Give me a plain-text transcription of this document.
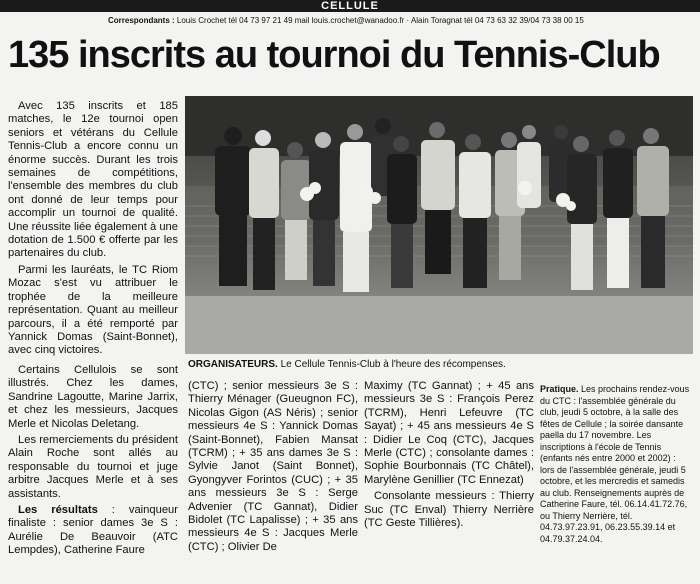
CELLULE
Correspondants : Louis Crochet tél 04 73 97 21 49 mail louis.crochet@wanadoo.fr · Alain Toragnat tél 04 73 63 32 39/04 73 38 00 15
135 inscrits au tournoi du Tennis-Club

Avec 135 inscrits et 185 matches, le 12e tournoi open seniors et vétérans du Cellule Tennis-Club a encore connu un énorme succès. Durant les trois semaines de compétitions, l'ensemble des membres du club ont donné de leur temps pour accomplir un tournoi de qualité. Une réussite liée également à une dotation de 1.500 € offerte par les partenaires du club.

Parmi les lauréats, le TC Riom Mozac s'est vu attribuer le trophée de la meilleure représentation. Quant au meilleur parcours, il a été remporté par Yannick Domas (Saint-Bonnet), avec cinq victoires.

ORGANISATEURS. Le Cellule Tennis-Club à l'heure des récompenses.

Certains Cellulois se sont illustrés. Chez les dames, Sandrine Lagoutte, Marine Jarrix, et chez les messieurs, Jacques Merle et Nicolas Deletang.

Les remerciements du président Alain Roche sont allés au responsable du tournoi et juge arbitre Jacques Merle et à ses assistants.

Les résultats : vainqueur finaliste : senior dames 3e S : Aurélie De Beauvoir (ATC Lempdes), Catherine Faure

(CTC) ; senior messieurs 3e S : Thierry Ménager (Gueugnon FC), Nicolas Gigon (AS Néris) ; senior messieurs 4e S : Yannick Domas (Saint-Bonnet), Fabien Mansat (TCRM) ; + 35 ans dames 3e S : Sylvie Janot (Saint Bonnet), Gyongyver Forintos (CUC) ; + 35 ans messieurs 3e S : Serge Advenier (TC Gannat), Didier Bidolet (TC Lapalisse) ; + 35 ans messieurs 4e S : Jacques Merle (CTC) ; Olivier De

Maximy (TC Gannat) ; + 45 ans messieurs 3e S : François Perez (TCRM), Henri Lefeuvre (TC Sayat) ; + 45 ans messieurs 4e S : Didier Le Coq (CTC), Jacques Merle (CTC) ; consolante dames : Sophie Bourbonnais (TC Châtel), Marylène Genillier (TC Ennezat)

Consolante messieurs : Thierry Suc (TC Enval) Thierry Nerrière (TC Geste Tillières).

Pratique. Les prochains rendez-vous du CTC : l'assemblée générale du club, jeudi 5 octobre, à la salle des fêtes de Cellule ; la soirée dansante paella du 17 novembre. Les inscriptions à l'école de Tennis (enfants nés entre 2000 et 2002) : lors de l'assemblée générale, jeudi 5 octobre, et les mercredis et samedis au club. Renseignements auprès de Catherine Faure, tél. 06.14.41.72.76, ou Thierry Nerrière, tél. 04.73.97.23.91, 06.23.55.39.14 et 04.79.37.24.04.
